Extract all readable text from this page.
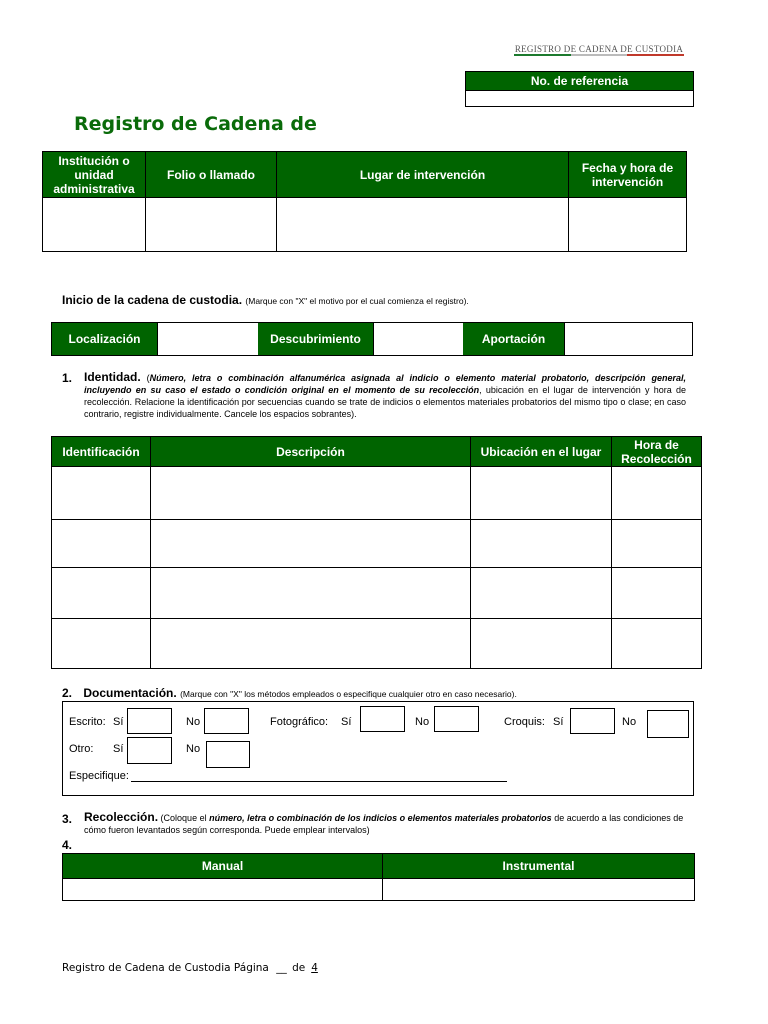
REGISTRO DE CADENA DE CUSTODIA
No. de referencia
Registro de Cadena de
Institución o unidad administrativa	Folio o llamado	Lugar de intervención	Fecha y hora de intervención

Inicio de la cadena de custodia. (Marque con "X" el motivo por el cual comienza el registro).
Localización	Descubrimiento	Aportación
1. Identidad. (Número, letra o combinación alfanumérica asignada al indicio o elemento material probatorio, descripción general, incluyendo en su caso el estado o condición original en el momento de su recolección, ubicación en el lugar de intervención y hora de recolección. Relacione la identificación por secuencias cuando se trate de indicios o elementos materiales probatorios del mismo tipo o clase; en caso contrario, registre individualmente. Cancele los espacios sobrantes).
Identificación	Descripción	Ubicación en el lugar	Hora de Recolección

2. Documentación. (Marque con "X" los métodos empleados o especifique cualquier otro en caso necesario).
Escrito: Sí	No	Fotográfico: Sí	No	Croquis: Sí	No
Otro: Sí	No
Especifique:
3. Recolección. (Coloque el número, letra o combinación de los indicios o elementos materiales probatorios de acuerdo a las condiciones de cómo fueron levantados según corresponda. Puede emplear intervalos)
4.
Manual	Instrumental

Registro de Cadena de Custodia Página __ de 4
